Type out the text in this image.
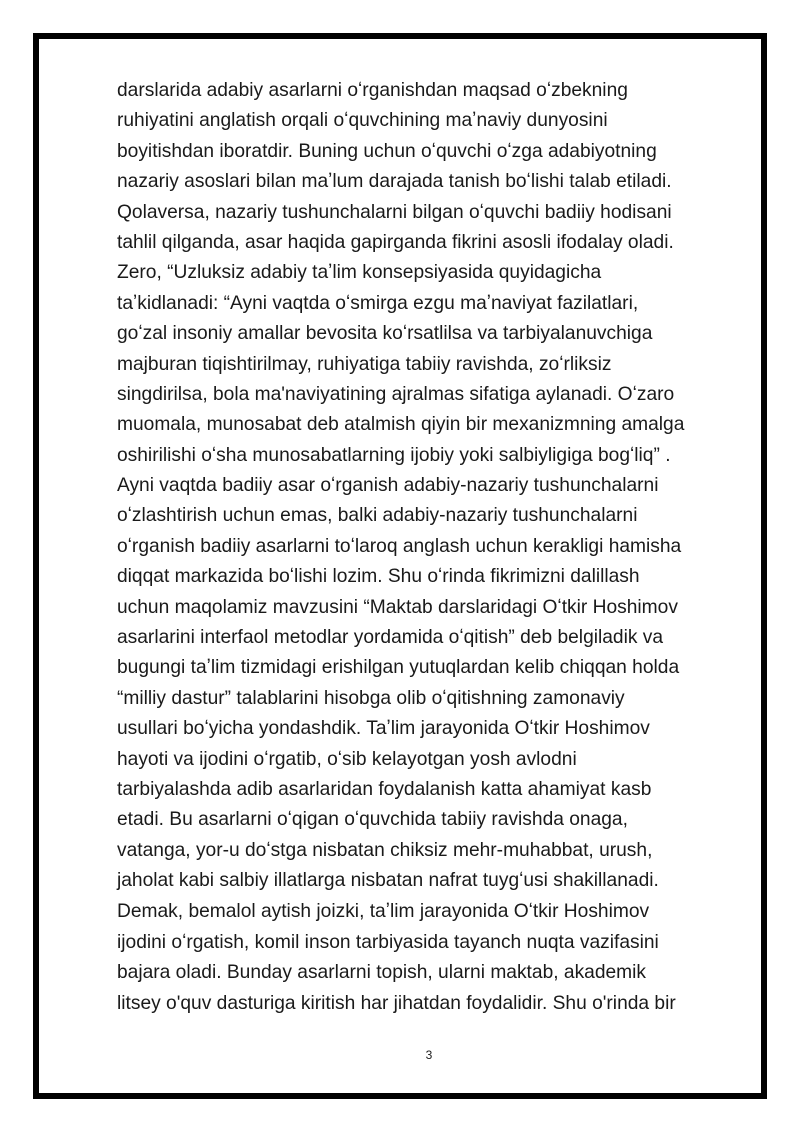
darslarida adabiy asarlarni oʻrganishdan maqsad oʻzbekning
ruhiyatini anglatish orqali oʻquvchining maʼnaviy dunyosini
boyitishdan iboratdir. Buning uchun oʻquvchi oʻzga adabiyotning
nazariy asoslari bilan maʼlum darajada tanish boʻlishi talab etiladi.
Qolaversa, nazariy tushunchalarni bilgan oʻquvchi badiiy hodisani
tahlil qilganda, asar haqida gapirganda fikrini asosli ifodalay oladi.
Zero, “Uzluksiz adabiy taʼlim konsepsiyasida quyidagicha
taʼkidlanadi: “Ayni vaqtda oʻsmirga ezgu maʼnaviyat fazilatlari,
goʻzal insoniy amallar bevosita koʻrsatlilsa va tarbiyalanuvchiga
majburan tiqishtirilmay, ruhiyatiga tabiiy ravishda, zoʻrliksiz
singdirilsa, bola ma'naviyatining ajralmas sifatiga aylanadi. Oʻzaro
muomala, munosabat deb atalmish qiyin bir mexanizmning amalga
oshirilishi oʻsha munosabatlarning ijobiy yoki salbiyligiga bogʻliq” .
Ayni vaqtda badiiy asar oʻrganish adabiy-nazariy tushunchalarni
oʻzlashtirish uchun emas, balki adabiy-nazariy tushunchalarni
oʻrganish badiiy asarlarni toʻlaroq anglash uchun kerakligi hamisha
diqqat markazida boʻlishi lozim. Shu oʻrinda fikrimizni dalillash
uchun maqolamiz mavzusini “Maktab darslaridagi Oʻtkir Hoshimov
asarlarini interfaol metodlar yordamida oʻqitish” deb belgiladik va
bugungi taʼlim tizmidagi erishilgan yutuqlardan kelib chiqqan holda
“milliy dastur” talablarini hisobga olib oʻqitishning zamonaviy
usullari boʻyicha yondashdik. Taʼlim jarayonida Oʻtkir Hoshimov
hayoti va ijodini oʻrgatib, oʻsib kelayotgan yosh avlodni
tarbiyalashda adib asarlaridan foydalanish katta ahamiyat kasb
etadi. Bu asarlarni oʻqigan oʻquvchida tabiiy ravishda onaga,
vatanga, yor-u doʻstga nisbatan chiksiz mehr-muhabbat, urush,
jaholat kabi salbiy illatlarga nisbatan nafrat tuygʻusi shakillanadi.
Demak, bemalol aytish joizki, taʼlim jarayonida Oʻtkir Hoshimov
ijodini oʻrgatish, komil inson tarbiyasida tayanch nuqta vazifasini
bajara oladi. Bunday asarlarni topish, ularni maktab, akademik
litsey o'quv dasturiga kiritish har jihatdan foydalidir. Shu o'rinda bir
3
